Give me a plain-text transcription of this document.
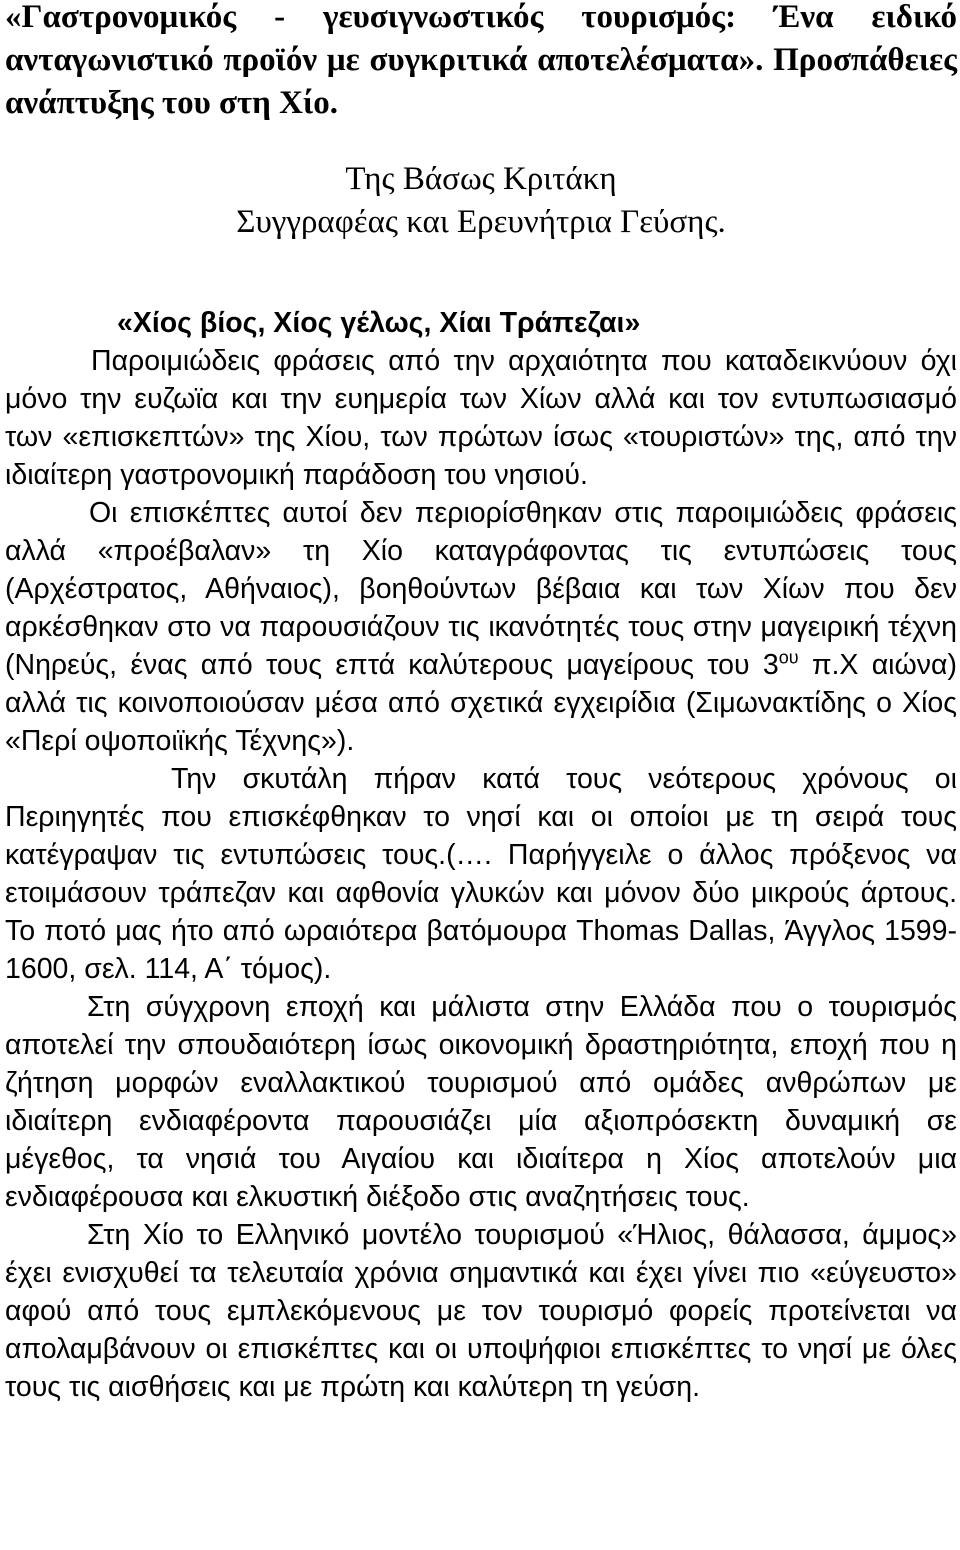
«Γαστρονομικός - γευσιγνωστικός τουρισμός: Ένα ειδικό ανταγωνιστικό προϊόν με συγκριτικά αποτελέσματα». Προσπάθειες ανάπτυξης του στη Χίο.
Της Βάσως Κριτάκη
Συγγραφέας και Ερευνήτρια Γεύσης.
«Χίος βίος, Χίος γέλως, Χίαι Τράπεζαι»

Παροιμιώδεις φράσεις από την αρχαιότητα που καταδεικνύουν όχι μόνο την ευζωϊα και την ευημερία των Χίων αλλά και τον εντυπωσιασμό των «επισκεπτών» της Χίου, των πρώτων ίσως «τουριστών» της, από την ιδιαίτερη γαστρονομική παράδοση του νησιού.

Οι επισκέπτες αυτοί δεν περιορίσθηκαν στις παροιμιώδεις φράσεις αλλά «προέβαλαν» τη Χίο καταγράφοντας τις εντυπώσεις τους (Αρχέστρατος, Αθήναιος), βοηθούντων βέβαια και των Χίων που δεν αρκέσθηκαν στο να παρουσιάζουν τις ικανότητές τους στην μαγειρική τέχνη (Νηρεύς, ένας από τους επτά καλύτερους μαγείρους του $3^{o\upsilon}$ π.Χ αιώνα) αλλά τις κοινοποιούσαν μέσα από σχετικά εγχειρίδια (Σιμωνακτίδης ο Χίος «Περί οψοποιϊκής Τέχνης»).

Την σκυτάλη πήραν κατά τους νεότερους χρόνους οι Περιηγητές που επισκέφθηκαν το νησί και οι οποίοι με τη σειρά τους κατέγραψαν τις εντυπώσεις τους.(…. Παρήγγειλε ο άλλος πρόξενος να ετοιμάσουν τράπεζαν και αφθονία γλυκών και μόνον δύο μικρούς άρτους. Το ποτό μας ήτο από ωραιότερα βατόμουρα Thomas Dallas, Άγγλος 1599-1600, σελ. 114, Α΄ τόμος).

Στη σύγχρονη εποχή και μάλιστα στην Ελλάδα που ο τουρισμός αποτελεί την σπουδαιότερη ίσως οικονομική δραστηριότητα, εποχή που η ζήτηση μορφών εναλλακτικού τουρισμού από ομάδες ανθρώπων με ιδιαίτερη ενδιαφέροντα παρουσιάζει μία αξιοπρόσεκτη δυναμική σε μέγεθος, τα νησιά του Αιγαίου και ιδιαίτερα η Χίος αποτελούν μια ενδιαφέρουσα και ελκυστική διέξοδο στις αναζητήσεις τους.

Στη Χίο το Ελληνικό μοντέλο τουρισμού «Ήλιος, θάλασσα, άμμος» έχει ενισχυθεί τα τελευταία χρόνια σημαντικά και έχει γίνει πιο «εύγευστο» αφού από τους εμπλεκόμενους με τον τουρισμό φορείς προτείνεται να απολαμβάνουν οι επισκέπτες και οι υποψήφιοι επισκέπτες το νησί με όλες τους τις αισθήσεις και με πρώτη και καλύτερη τη γεύση.
